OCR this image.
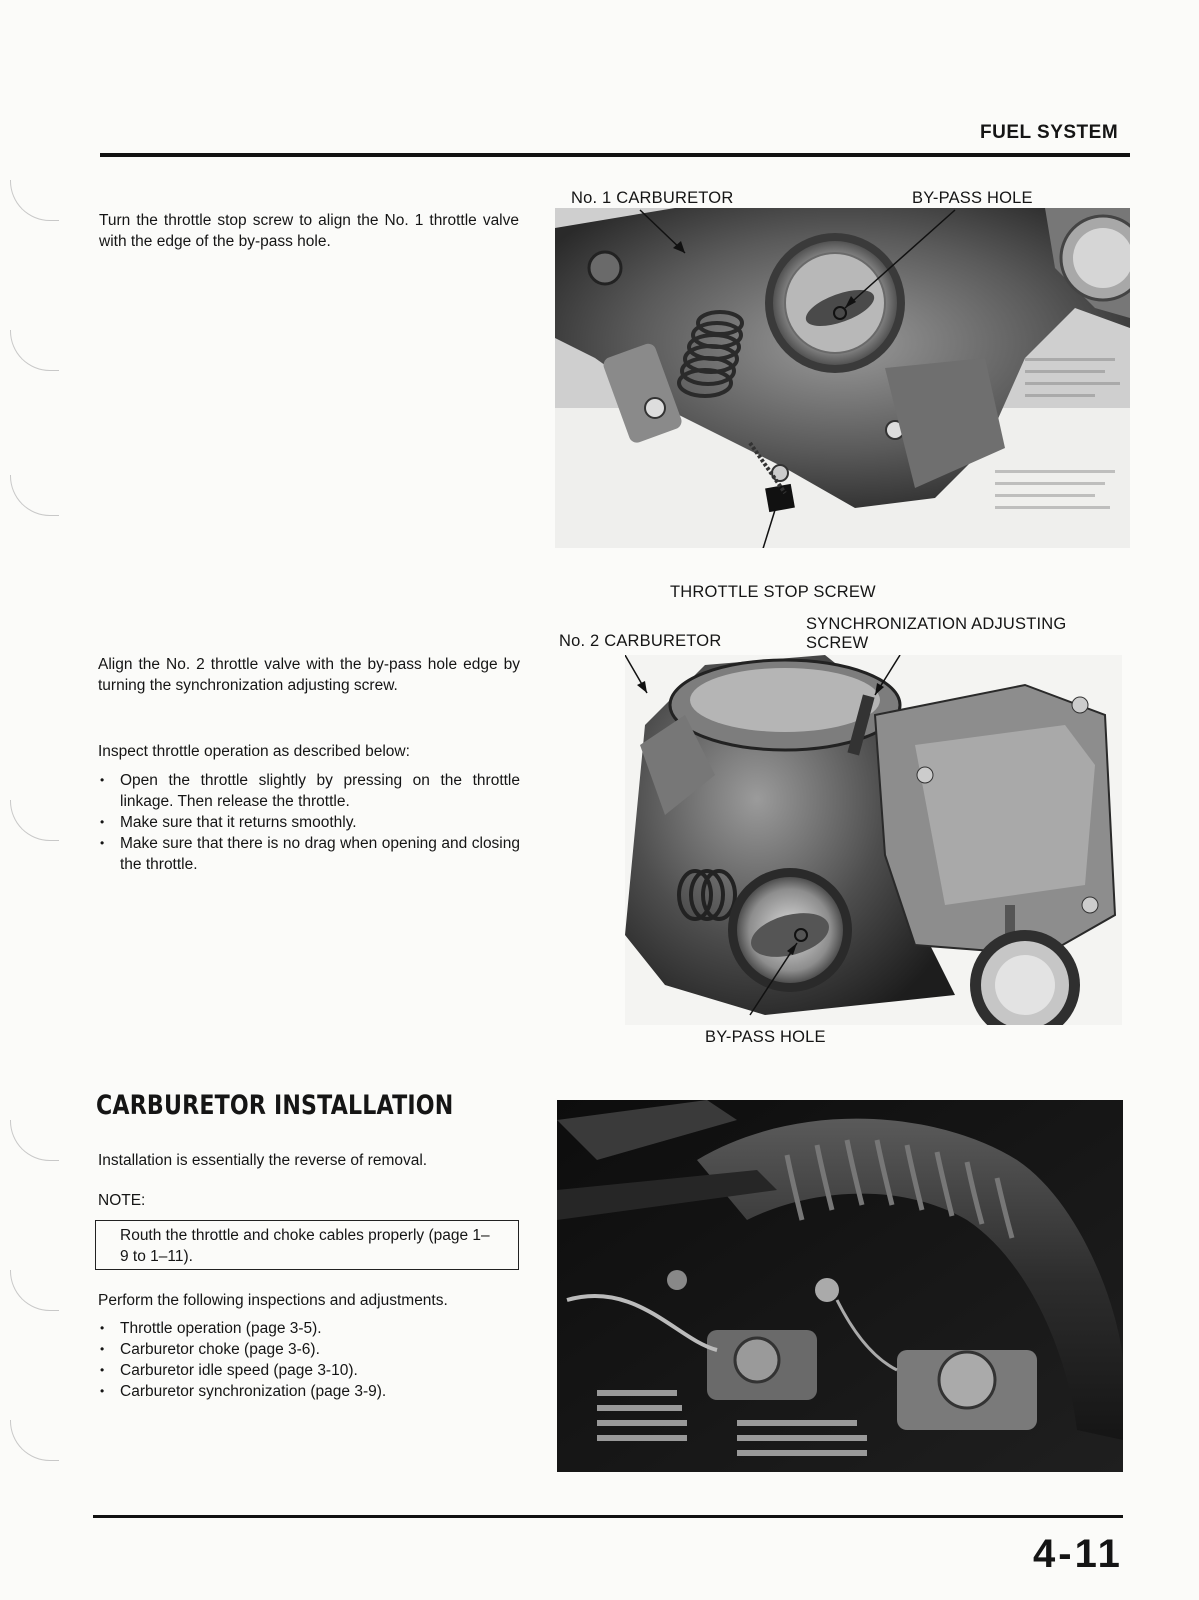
FUEL SYSTEM
Turn the throttle stop screw to align the No. 1 throttle valve with the edge of the by-pass hole.
Align the No. 2 throttle valve with the by-pass hole edge by turning the synchronization adjusting screw.
Inspect throttle operation as described below:
• Open the throttle slightly by pressing on the throttle linkage. Then release the throttle.
• Make sure that it returns smoothly.
• Make sure that there is no drag when opening and closing the throttle.
CARBURETOR INSTALLATION
Installation is essentially the reverse of removal.
NOTE:
Routh the throttle and choke cables properly (page 1–9 to 1–11).
Perform the following inspections and adjustments.
• Throttle operation (page 3-5).
• Carburetor choke (page 3-6).
• Carburetor idle speed (page 3-10).
• Carburetor synchronization (page 3-9).
No. 1 CARBURETOR	BY-PASS HOLE
THROTTLE STOP SCREW
No. 2 CARBURETOR
SYNCHRONIZATION ADJUSTING
SCREW
BY-PASS HOLE
4-11
